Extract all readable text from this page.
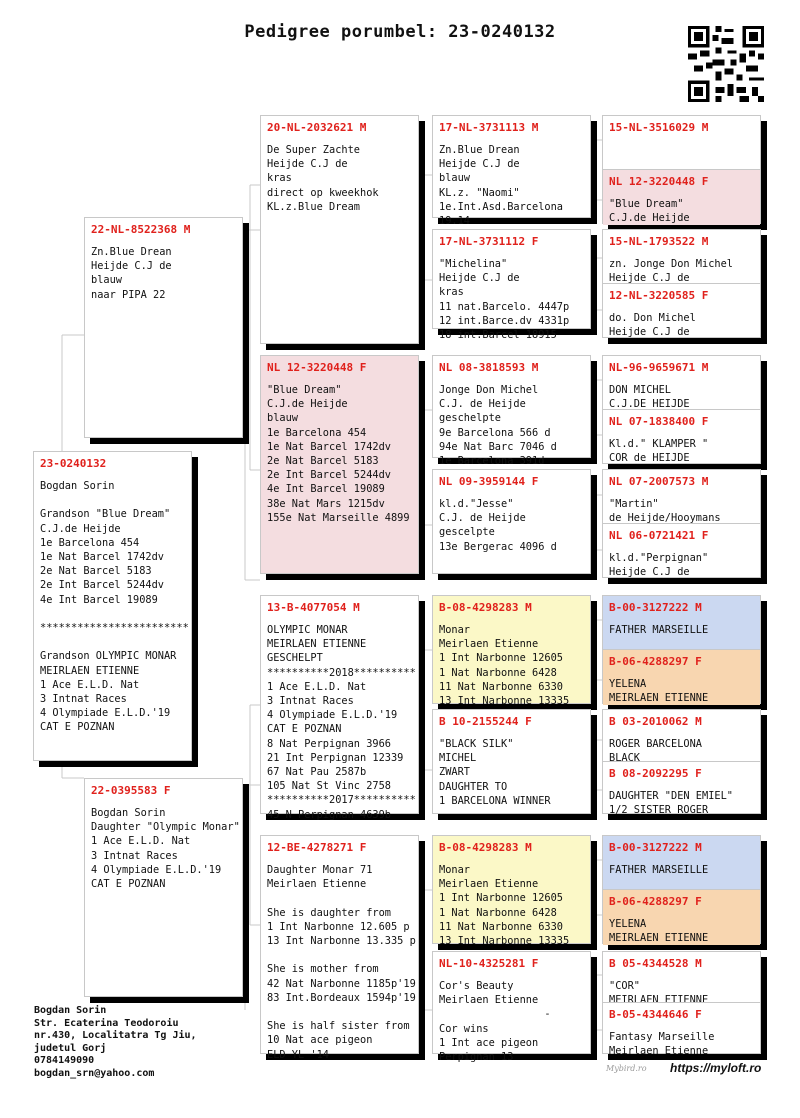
Pedigree porumbel: 23-0240132
23-0240132
Bogdan Sorin

Grandson "Blue Dream"
C.J.de Heijde
1e Barcelona 454
1e Nat Barcel 1742dv
2e Nat Barcel 5183
2e Int Barcel 5244dv
4e Int Barcel 19089

************************

Grandson OLYMPIC MONAR
MEIRLAEN ETIENNE
1 Ace E.L.D. Nat
3 Intnat Races
4 Olympiade E.L.D.'19
CAT E POZNAN
22-NL-8522368 M
Zn.Blue Drean
Heijde C.J de
blauw
naar PIPA 22
22-0395583 F
Bogdan Sorin
Daughter "Olympic Monar"
1 Ace E.L.D. Nat
3 Intnat Races
4 Olympiade E.L.D.'19
CAT E POZNAN
20-NL-2032621 M
De Super Zachte
Heijde C.J de
kras
direct op kweekhok
KL.z.Blue Dream
NL 12-3220448 F
"Blue Dream"
C.J.de Heijde
blauw
1e Barcelona 454
1e Nat Barcel 1742dv
2e Nat Barcel 5183
2e Int Barcel 5244dv
4e Int Barcel 19089
38e Nat Mars 1215dv
155e Nat Marseille 4899
13-B-4077054 M
OLYMPIC MONAR
MEIRLAEN ETIENNE
GESCHELPT
**********2018**********
1 Ace E.L.D. Nat
3 Intnat Races
4 Olympiade E.L.D.'19
CAT E POZNAN
8 Nat Perpignan 3966
21 Int Perpignan 12339
67 Nat Pau 2587b
105 Nat St Vinc 2758
**********2017**********
45 N Perpignan 4639b
12-BE-4278271 F
Daughter Monar 71
Meirlaen Etienne

She is daughter from
1 Int Narbonne 12.605 p
13 Int Narbonne 13.335 p

She is mother from
42 Nat Narbonne 1185p'19
83 Int.Bordeaux 1594p'19

She is half sister from
10 Nat ace pigeon
ELD YL '14
17-NL-3731113 M
Zn.Blue Drean
Heijde C.J de
blauw
KL.z. "Naomi"
1e.Int.Asd.Barcelona
19.14
17-NL-3731112 F
"Michelina"
Heijde C.J de
kras
11 nat.Barcelo. 4447p
12 int.Barce.dv 4331p
18 int.Barcel 18915
NL 08-3818593 M
Jonge Don Michel
C.J. de Heijde
geschelpte
9e Barcelona 566 d
94e Nat Barc 7046 d
1e Barcelona 391d
NL 09-3959144 F
kl.d."Jesse"
C.J. de Heijde
gescelpte
13e Bergerac 4096 d
B-08-4298283 M
Monar
Meirlaen Etienne
1 Int Narbonne 12605
1 Nat Narbonne 6428
11 Nat Narbonne 6330
13 Int Narbonne 13335
B 10-2155244 F
"BLACK SILK"
MICHEL
ZWART
DAUGHTER TO
1 BARCELONA WINNER
B-08-4298283 M
Monar
Meirlaen Etienne
1 Int Narbonne 12605
1 Nat Narbonne 6428
11 Nat Narbonne 6330
13 Int Narbonne 13335
NL-10-4325281 F
Cor's Beauty
Meirlaen Etienne
-
Cor wins
1 Int ace pigeon
Perpignan 13
15-NL-3516029 M
NL 12-3220448 F
"Blue Dream"
C.J.de Heijde
15-NL-1793522 M
zn. Jonge Don Michel
Heijde C.J de
12-NL-3220585 F
do. Don Michel
Heijde C.J de
NL-96-9659671 M
DON MICHEL
C.J.DE HEIJDE
NL 07-1838400 F
Kl.d." KLAMPER "
COR de HEIJDE
NL 07-2007573 M
"Martin"
de Heijde/Hooymans
NL 06-0721421 F
kl.d."Perpignan"
Heijde C.J de
B-00-3127222 M
FATHER MARSEILLE
B-06-4288297 F
YELENA
MEIRLAEN ETIENNE
B 03-2010062 M
ROGER BARCELONA
BLACK
B 08-2092295 F
DAUGHTER "DEN EMIEL"
1/2 SISTER ROGER
B-00-3127222 M
FATHER MARSEILLE
B-06-4288297 F
YELENA
MEIRLAEN ETIENNE
B 05-4344528 M
"COR"
MEIRLAEN ETIENNE
B-05-4344646 F
Fantasy Marseille
Meirlaen Etienne
Bogdan Sorin
Str. Ecaterina Teodoroiu
nr.430, Localitatra Tg Jiu,
judetul Gorj
0784149090
bogdan_srn@yahoo.com	Mybird.ro https://myloft.ro
